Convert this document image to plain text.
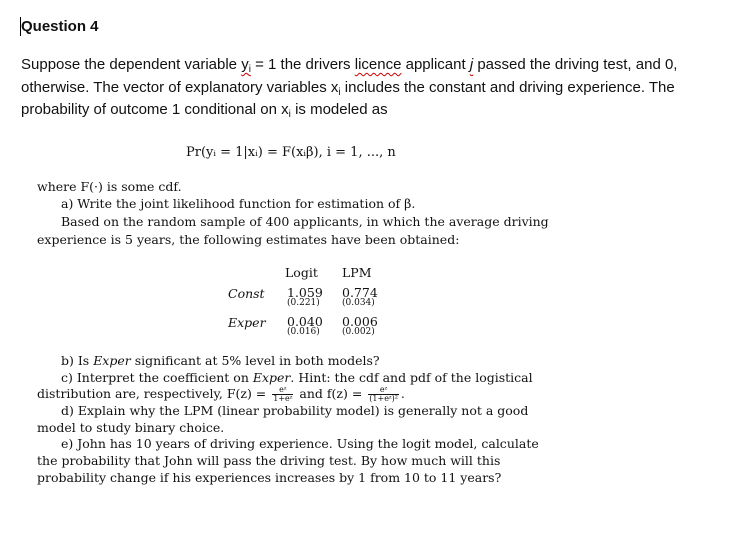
Question 4
Suppose the dependent variable $y_i = 1$ the drivers licence applicant j passed the driving test, and 0, otherwise. The vector of explanatory variables $x_i$ includes the constant and driving experience. The probability of outcome 1 conditional on $x_i$ is modeled as
Pr(yᵢ = 1|xᵢ) = F(xᵢβ), i = 1, ..., n
where F(·) is some cdf.
a) Write the joint likelihood function for estimation of β.
Based on the random sample of 400 applicants, in which the average driving
experience is 5 years, the following estimates have been obtained:
Logit LPM
Const 1.059
(0.221)
0.774
(0.034)
Exper 0.040
(0.016)
0.006
(0.002)
b) Is Exper significant at 5% level in both models?
c) Interpret the coefficient on Exper. Hint: the cdf and pdf of the logistical
distribution are, respectively, $F(z) = \frac{\text{eᶻ}}{\text{1+eᶻ}}$ and $f(z) = \frac{\text{eᶻ}}{\text{(1+eᶻ)²}}$ .
d) Explain why the LPM (linear probability model) is generally not a good
model to study binary choice.
e) John has 10 years of driving experience. Using the logit model, calculate
the probability that John will pass the driving test. By how much will this
probability change if his experiences increases by 1 from 10 to 11 years?
